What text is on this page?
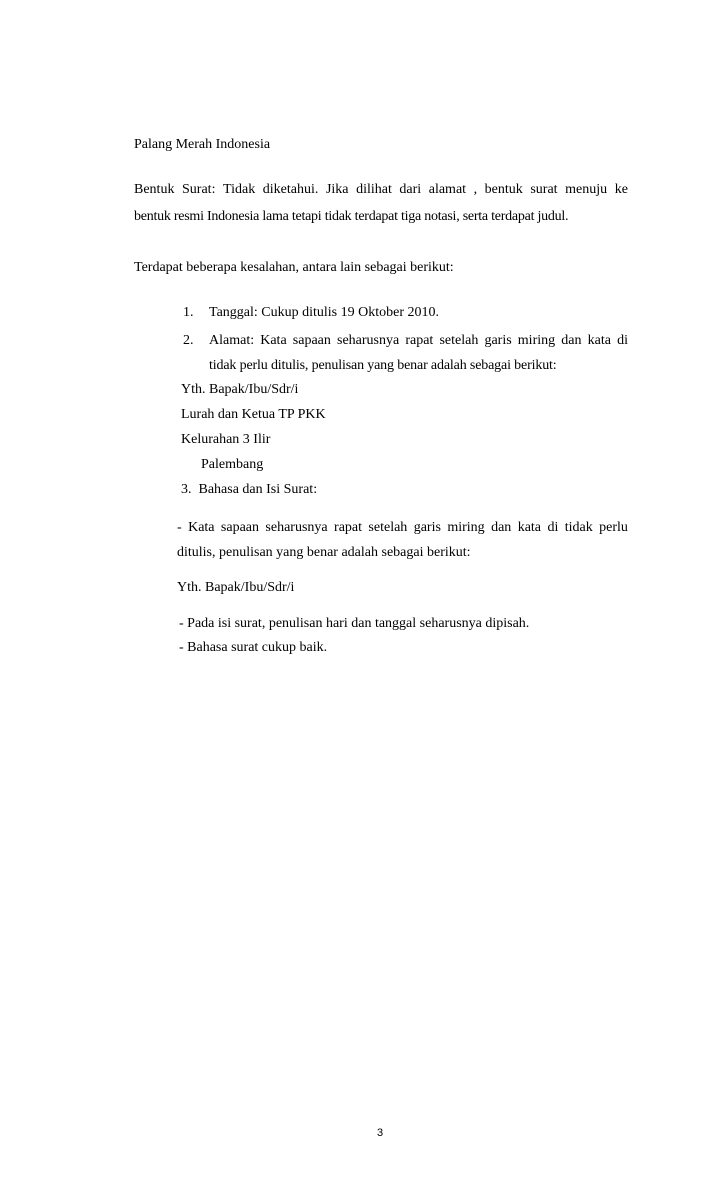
Palang Merah Indonesia
Bentuk Surat: Tidak diketahui. Jika dilihat dari alamat , bentuk surat menuju ke
bentuk resmi Indonesia lama tetapi tidak terdapat tiga notasi, serta terdapat judul.
Terdapat beberapa kesalahan, antara lain sebagai berikut:
1. Tanggal: Cukup ditulis 19 Oktober 2010.
2. Alamat: Kata sapaan seharusnya rapat setelah garis miring dan kata di
tidak perlu ditulis, penulisan yang benar adalah sebagai berikut:
Yth. Bapak/Ibu/Sdr/i
Lurah dan Ketua TP PKK
Kelurahan 3 Ilir
Palembang
3. Bahasa dan Isi Surat:
- Kata sapaan seharusnya rapat setelah garis miring dan kata di tidak perlu
ditulis, penulisan yang benar adalah sebagai berikut:
Yth. Bapak/Ibu/Sdr/i
- Pada isi surat, penulisan hari dan tanggal seharusnya dipisah.
- Bahasa surat cukup baik.
3
